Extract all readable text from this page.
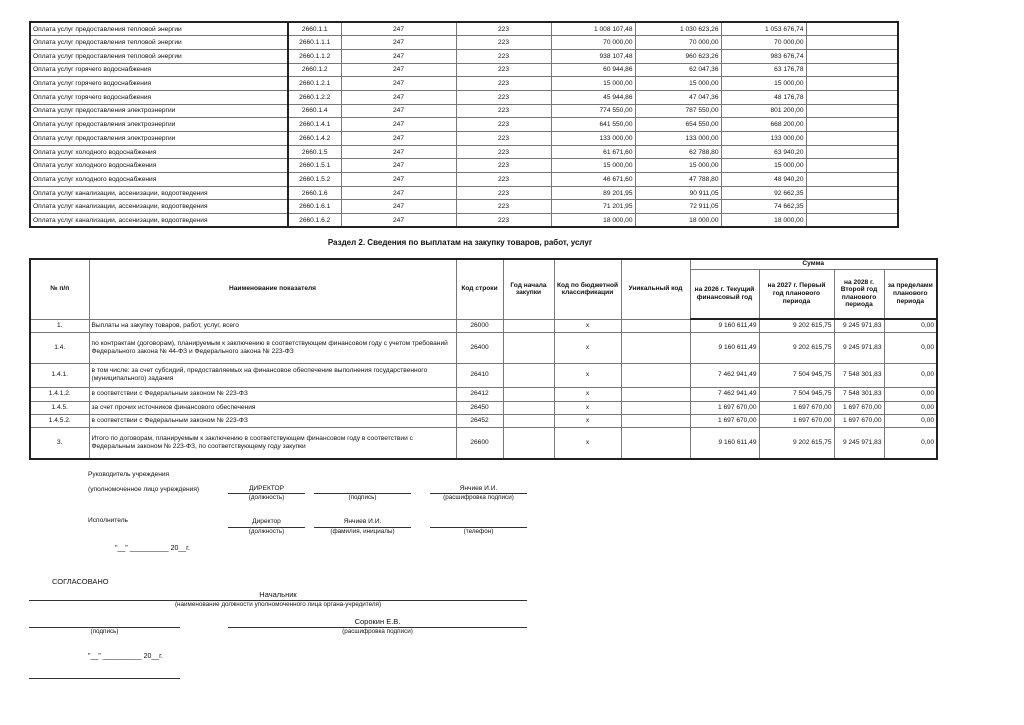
Оплата услуг предоставления тепловой энергии	2660.1.1	247	223	1 008 107,48	1 030 623,26	1 053 676,74	
Оплата услуг предоставления тепловой энергии	2660.1.1.1	247	223	70 000,00	70 000,00	70 000,00	
Оплата услуг предоставления тепловой энергии	2660.1.1.2	247	223	938 107,48	960 623,26	983 676,74	
Оплата услуг горячего водоснабжения	2660.1.2	247	223	60 944,86	62 047,36	63 176,78	
Оплата услуг горячего водоснабжения	2660.1.2.1	247	223	15 000,00	15 000,00	15 000,00	
Оплата услуг горячего водоснабжения	2660.1.2.2	247	223	45 944,86	47 047,36	48 176,78	
Оплата услуг предоставления электроэнергии	2660.1.4	247	223	774 550,00	787 550,00	801 200,00	
Оплата услуг предоставления электроэнергии	2660.1.4.1	247	223	641 550,00	654 550,00	668 200,00	
Оплата услуг предоставления электроэнергии	2660.1.4.2	247	223	133 000,00	133 000,00	133 000,00	
Оплата услуг холодного водоснабжения	2660.1.5	247	223	61 671,60	62 788,80	63 940,20	
Оплата услуг холодного водоснабжения	2660.1.5.1	247	223	15 000,00	15 000,00	15 000,00	
Оплата услуг холодного водоснабжения	2660.1.5.2	247	223	46 671,60	47 788,80	48 940,20	
Оплата услуг канализации, ассенизации, водоотведения	2660.1.6	247	223	89 201,95	90 911,05	92 662,35	
Оплата услуг канализации, ассенизации, водоотведения	2660.1.6.1	247	223	71 201,95	72 911,05	74 662,35	
Оплата услуг канализации, ассенизации, водоотведения	2660.1.6.2	247	223	18 000,00	18 000,00	18 000,00	
Раздел 2. Сведения по выплатам на закупку товаров, работ, услуг
№ п/п	Наименование показателя	Код строки	Год начала закупки	Код по бюджетной классификации	Уникальный код	Сумма			
						на 2026 г. Текущий финансовый год	на 2027 г. Первый год планового периода	на 2028 г. Второй год планового периода	за пределами планового периода
1.	Выплаты на закупку товаров, работ, услуг, всего	26000		x		9 160 611,49	9 202 615,75	9 245 971,83	0,00
1.4.	по контрактам (договорам), планируемым к заключению в соответствующем финансовом году с учетом требований Федерального закона № 44-ФЗ и Федерального закона № 223-ФЗ	26400		x		9 160 611,49	9 202 615,75	9 245 971,83	0,00
1.4.1.	в том числе: за счет субсидий, предоставляемых на финансовое обеспечение выполнения государственного (муниципального) задания	26410		x		7 462 941,49	7 504 945,75	7 548 301,83	0,00
1.4.1.2.	в соответствии с Федеральным законом № 223-ФЗ	26412		x		7 462 941,49	7 504 945,75	7 548 301,83	0,00
1.4.5.	за счет прочих источников финансового обеспечения	26450		x		1 697 670,00	1 697 670,00	1 697 670,00	0,00
1.4.5.2.	в соответствии с Федеральным законом № 223-ФЗ	26452		x		1 697 670,00	1 697 670,00	1 697 670,00	0,00
3.	Итого по договорам, планируемым к заключению в соответствующем финансовом году в соответствии с Федеральным законом № 223-ФЗ, по соответствующему году закупки	26600		x		9 160 611,49	9 202 615,75	9 245 971,83	0,00
Руководитель учреждения
(уполномоченное лицо учреждения)	ДИРЕКТОР
(должность)	(подпись)
Янчиев И.И.
(расшифровка подписи)
Исполнитель	Директор
(должность)
Янчиев И.И.
(фамилия, инициалы)	(телефон)
"__" __________ 20__г.
СОГЛАСОВАНО
Начальник
(наименование должности уполномоченного лица органа-учредителя)
(подпись)
Сорокин Е.В.
(расшифровка подписи)
"__" __________ 20__г.
